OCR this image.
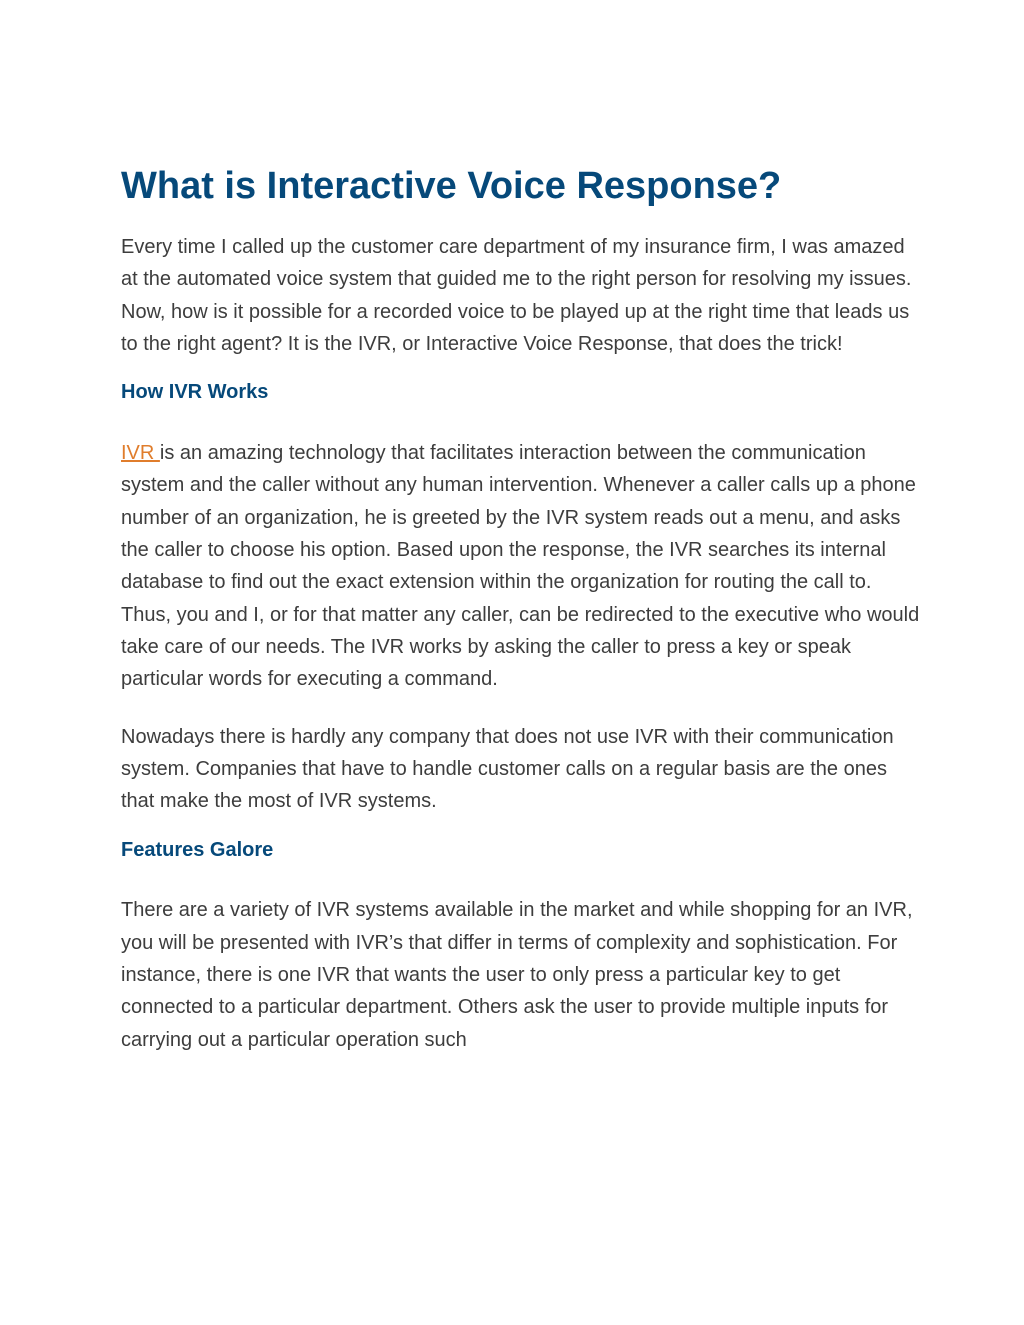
What is Interactive Voice Response?

Every time I called up the customer care department of my insurance firm, I was amazed at the automated voice system that guided me to the right person for resolving my issues. Now, how is it possible for a recorded voice to be played up at the right time that leads us to the right agent? It is the IVR, or Interactive Voice Response, that does the trick!

How IVR Works

IVR is an amazing technology that facilitates interaction between the communication system and the caller without any human intervention. Whenever a caller calls up a phone number of an organization, he is greeted by the IVR system reads out a menu, and asks the caller to choose his option. Based upon the response, the IVR searches its internal database to find out the exact extension within the organization for routing the call to. Thus, you and I, or for that matter any caller, can be redirected to the executive who would take care of our needs. The IVR works by asking the caller to press a key or speak particular words for executing a command.

Nowadays there is hardly any company that does not use IVR with their communication system. Companies that have to handle customer calls on a regular basis are the ones that make the most of IVR systems.

Features Galore

There are a variety of IVR systems available in the market and while shopping for an IVR, you will be presented with IVR’s that differ in terms of complexity and sophistication. For instance, there is one IVR that wants the user to only press a particular key to get connected to a particular department. Others ask the user to provide multiple inputs for carrying out a particular operation such
